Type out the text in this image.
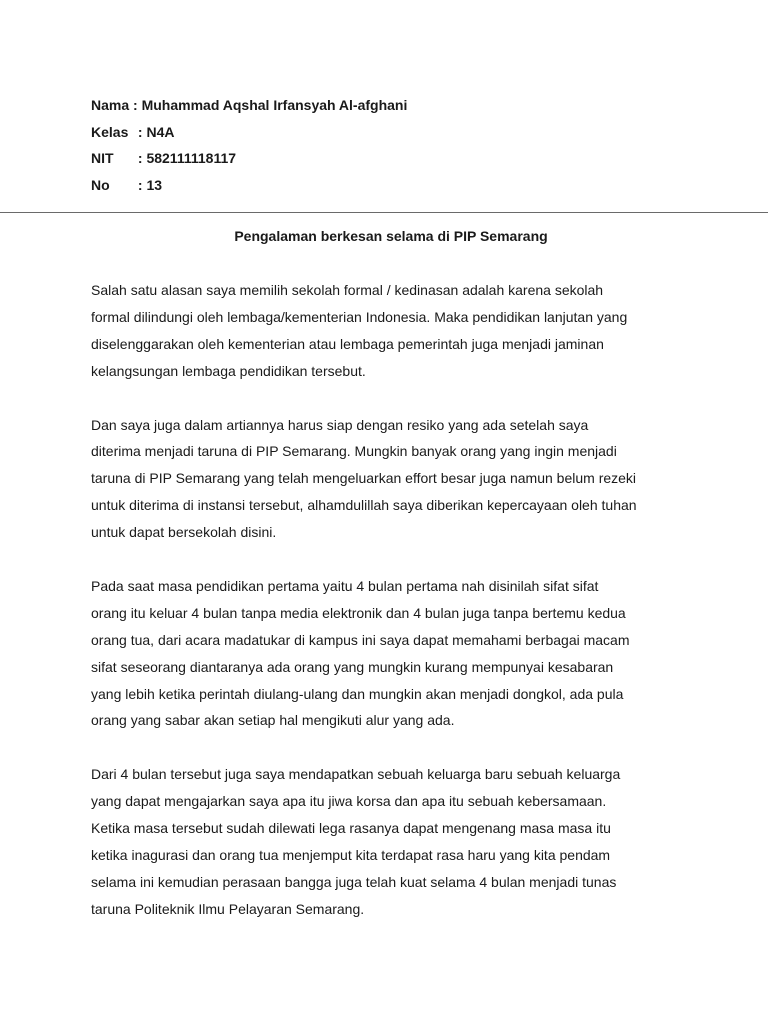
Nama : Muhammad Aqshal Irfansyah Al-afghani
Kelas : N4A
NIT	: 582111118117
No	: 13
Pengalaman berkesan selama di PIP Semarang
Salah satu alasan saya memilih sekolah formal / kedinasan adalah karena sekolah
formal dilindungi oleh lembaga/kementerian Indonesia. Maka pendidikan lanjutan yang
diselenggarakan oleh kementerian atau lembaga pemerintah juga menjadi jaminan
kelangsungan lembaga pendidikan tersebut.
Dan saya juga dalam artiannya harus siap dengan resiko yang ada setelah saya
diterima menjadi taruna di PIP Semarang. Mungkin banyak orang yang ingin menjadi
taruna di PIP Semarang yang telah mengeluarkan effort besar juga namun belum rezeki
untuk diterima di instansi tersebut, alhamdulillah saya diberikan kepercayaan oleh tuhan
untuk dapat bersekolah disini.
Pada saat masa pendidikan pertama yaitu 4 bulan pertama nah disinilah sifat sifat
orang itu keluar 4 bulan tanpa media elektronik dan 4 bulan juga tanpa bertemu kedua
orang tua, dari acara madatukar di kampus ini saya dapat memahami berbagai macam
sifat seseorang diantaranya ada orang yang mungkin kurang mempunyai kesabaran
yang lebih ketika perintah diulang-ulang dan mungkin akan menjadi dongkol, ada pula
orang yang sabar akan setiap hal mengikuti alur yang ada.
Dari 4 bulan tersebut juga saya mendapatkan sebuah keluarga baru sebuah keluarga
yang dapat mengajarkan saya apa itu jiwa korsa dan apa itu sebuah kebersamaan.
Ketika masa tersebut sudah dilewati lega rasanya dapat mengenang masa masa itu
ketika inagurasi dan orang tua menjemput kita terdapat rasa haru yang kita pendam
selama ini kemudian perasaan bangga juga telah kuat selama 4 bulan menjadi tunas
taruna Politeknik Ilmu Pelayaran Semarang.
